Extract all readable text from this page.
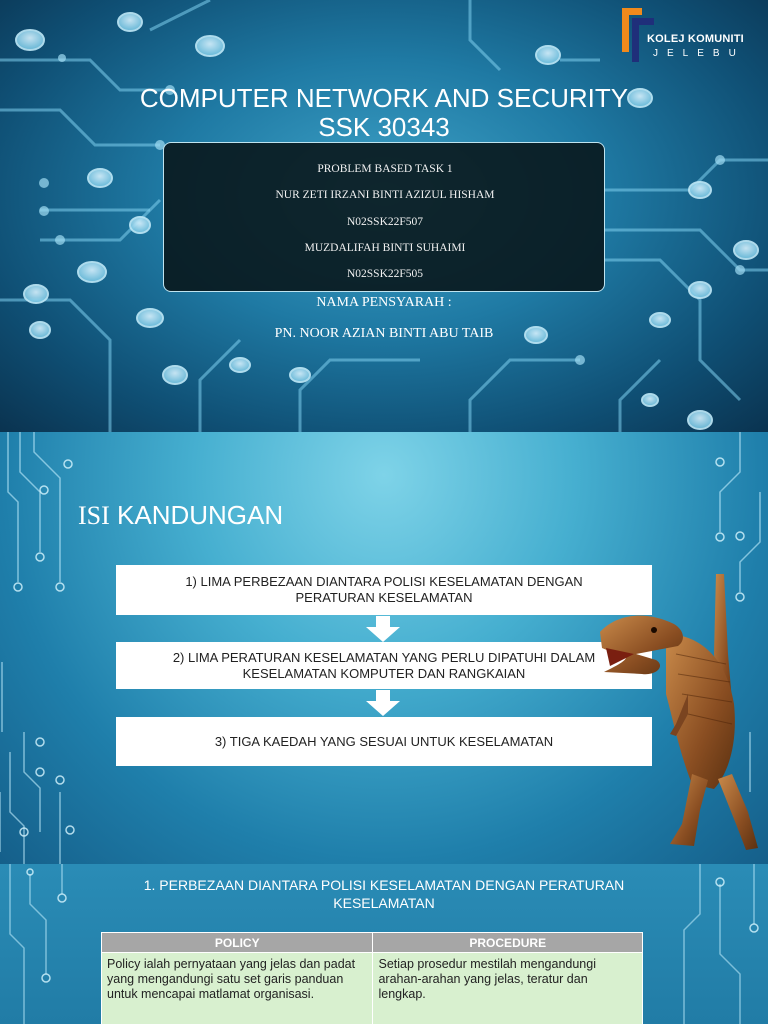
KOLEJ KOMUNITI
JELEBU
COMPUTER NETWORK AND SECURITY
SSK 30343
PROBLEM BASED TASK 1
NUR ZETI IRZANI BINTI AZIZUL HISHAM
N02SSK22F507
MUZDALIFAH BINTI SUHAIMI
N02SSK22F505
NAMA PENSYARAH :
PN. NOOR AZIAN BINTI ABU TAIB
ISI KANDUNGAN
1) LIMA PERBEZAAN DIANTARA POLISI KESELAMATAN DENGAN
PERATURAN KESELAMATAN
2) LIMA PERATURAN KESELAMATAN YANG PERLU DIPATUHI DALAM
KESELAMATAN KOMPUTER DAN RANGKAIAN
3) TIGA KAEDAH YANG SESUAI UNTUK KESELAMATAN
1. PERBEZAAN DIANTARA POLISI KESELAMATAN DENGAN PERATURAN
KESELAMATAN
POLICY	PROCEDURE
Policy ialah pernyataan yang jelas dan padat yang mengandungi satu set garis panduan untuk mencapai matlamat organisasi.	Setiap prosedur mestilah mengandungi arahan-arahan yang jelas, teratur dan lengkap.
